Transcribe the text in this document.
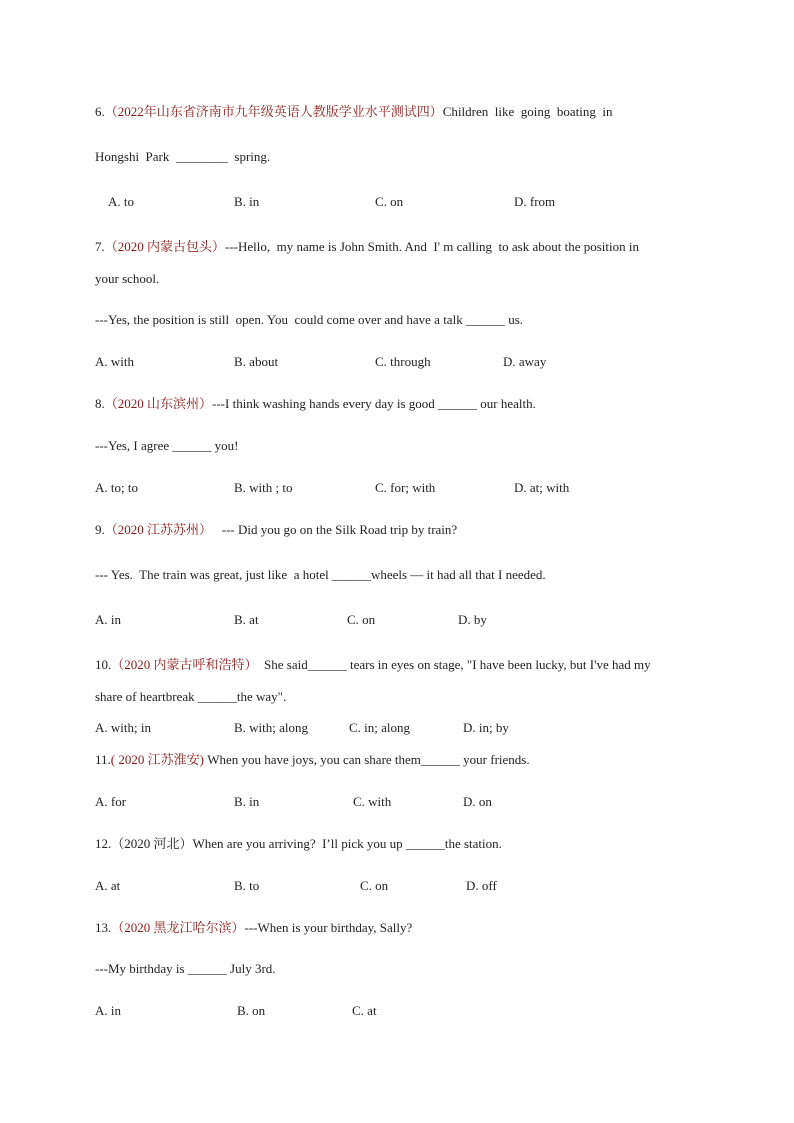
6.（2022年山东省济南市九年级英语人教版学业水平测试四）Children  like  going  boating  in
Hongshi  Park  ________  spring.
A. to	B. in	C. on	D. from
7.（2020 内蒙古包头）---Hello,  my name is John Smith. And  I' m calling  to ask about the position in
your school.
---Yes, the position is still  open. You  could come over and have a talk ______ us.
A. with	B. about	C. through	D. away
8.（2020 山东滨州）---I think washing hands every day is good ______ our health.
---Yes, I agree ______ you!
A. to; to	B. with ; to	C. for; with	D. at; with
9.（2020 江苏苏州）   --- Did you go on the Silk Road trip by train?
--- Yes.  The train was great, just like  a hotel ______wheels — it had all that I needed.
A. in	B. at	C. on	D. by
10.（2020 内蒙古呼和浩特）  She said______ tears in eyes on stage, "I have been lucky, but I've had my
share of heartbreak ______the way".
A. with; in	B. with; along	C. in; along	D. in; by
11.( 2020 江苏淮安) When you have joys, you can share them______ your friends.
A. for	B. in	C. with	D. on
12.（2020 河北）When are you arriving?  I’ll pick you up ______the station.
A. at	B. to	C. on	D. off
13.（2020 黑龙江哈尔滨）---When is your birthday, Sally?
---My birthday is ______ July 3rd.
A. in	B. on	C. at
